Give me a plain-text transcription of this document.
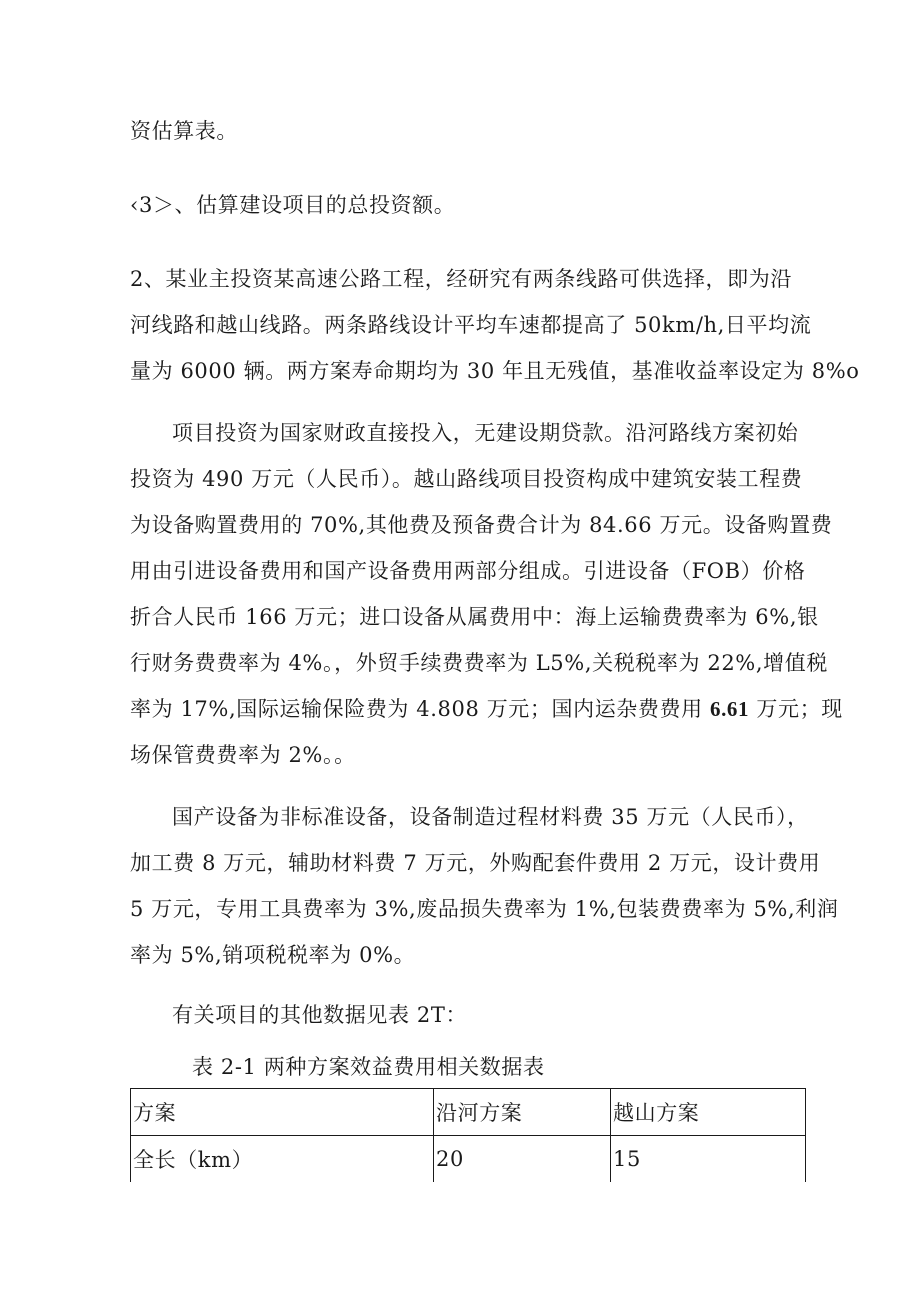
资估算表。
‹3＞、估算建设项目的总投资额。
2、某业主投资某高速公路工程，经研究有两条线路可供选择，即为沿
河线路和越山线路。两条路线设计平均车速都提高了 50km/h,日平均流
量为 6000 辆。两方案寿命期均为 30 年且无残值，基准收益率设定为 8%o
项目投资为国家财政直接投入，无建设期贷款。沿河路线方案初始
投资为 490 万元（人民币）。越山路线项目投资构成中建筑安装工程费
为设备购置费用的 70%,其他费及预备费合计为 84.66 万元。设备购置费
用由引进设备费用和国产设备费用两部分组成。引进设备（FOB）价格
折合人民币 166 万元；进口设备从属费用中：海上运输费费率为 6%,银
行财务费费率为 4%。，外贸手续费费率为 L5%,关税税率为 22%,增值税
率为 17%,国际运输保险费为 4.808 万元；国内运杂费费用 6.61 万元；现
场保管费费率为 2%。。
国产设备为非标准设备，设备制造过程材料费 35 万元（人民币），
加工费 8 万元，辅助材料费 7 万元，外购配套件费用 2 万元，设计费用
5 万元，专用工具费率为 3%,废品损失费率为 1%,包装费费率为 5%,利润
率为 5%,销项税税率为 0%。
有关项目的其他数据见表 2T：
表 2-1 两种方案效益费用相关数据表
方案	沿河方案	越山方案
全长（km）	20	15
